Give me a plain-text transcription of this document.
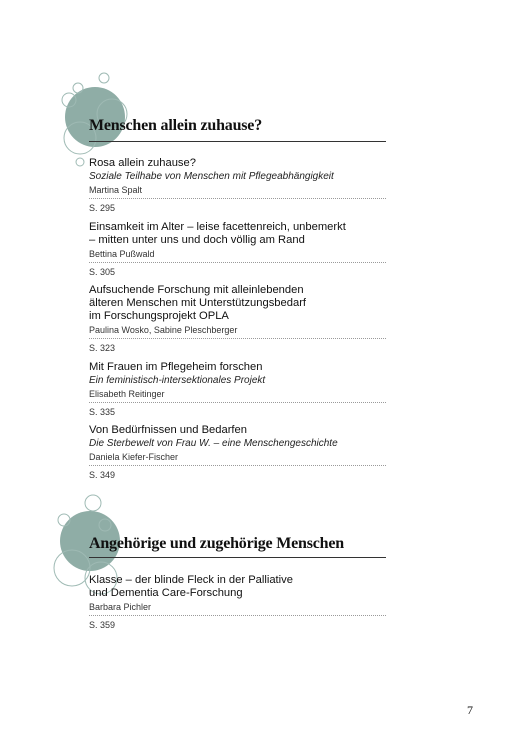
Menschen allein zuhause?
Rosa allein zuhause?
Soziale Teilhabe von Menschen mit Pflegeabhängigkeit
Martina Spalt
S. 295
Einsamkeit im Alter – leise facettenreich, unbemerkt
– mitten unter uns und doch völlig am Rand
Bettina Pußwald
S. 305
Aufsuchende Forschung mit alleinlebenden
älteren Menschen mit Unterstützungsbedarf
im Forschungsprojekt OPLA
Paulina Wosko, Sabine Pleschberger
S. 323
Mit Frauen im Pflegeheim forschen
Ein feministisch-intersektionales Projekt
Elisabeth Reitinger
S. 335
Von Bedürfnissen und Bedarfen
Die Sterbewelt von Frau W. – eine Menschengeschichte
Daniela Kiefer-Fischer
S. 349
Angehörige und zugehörige Menschen
Klasse – der blinde Fleck in der Palliative
und Dementia Care-Forschung
Barbara Pichler
S. 359
7
